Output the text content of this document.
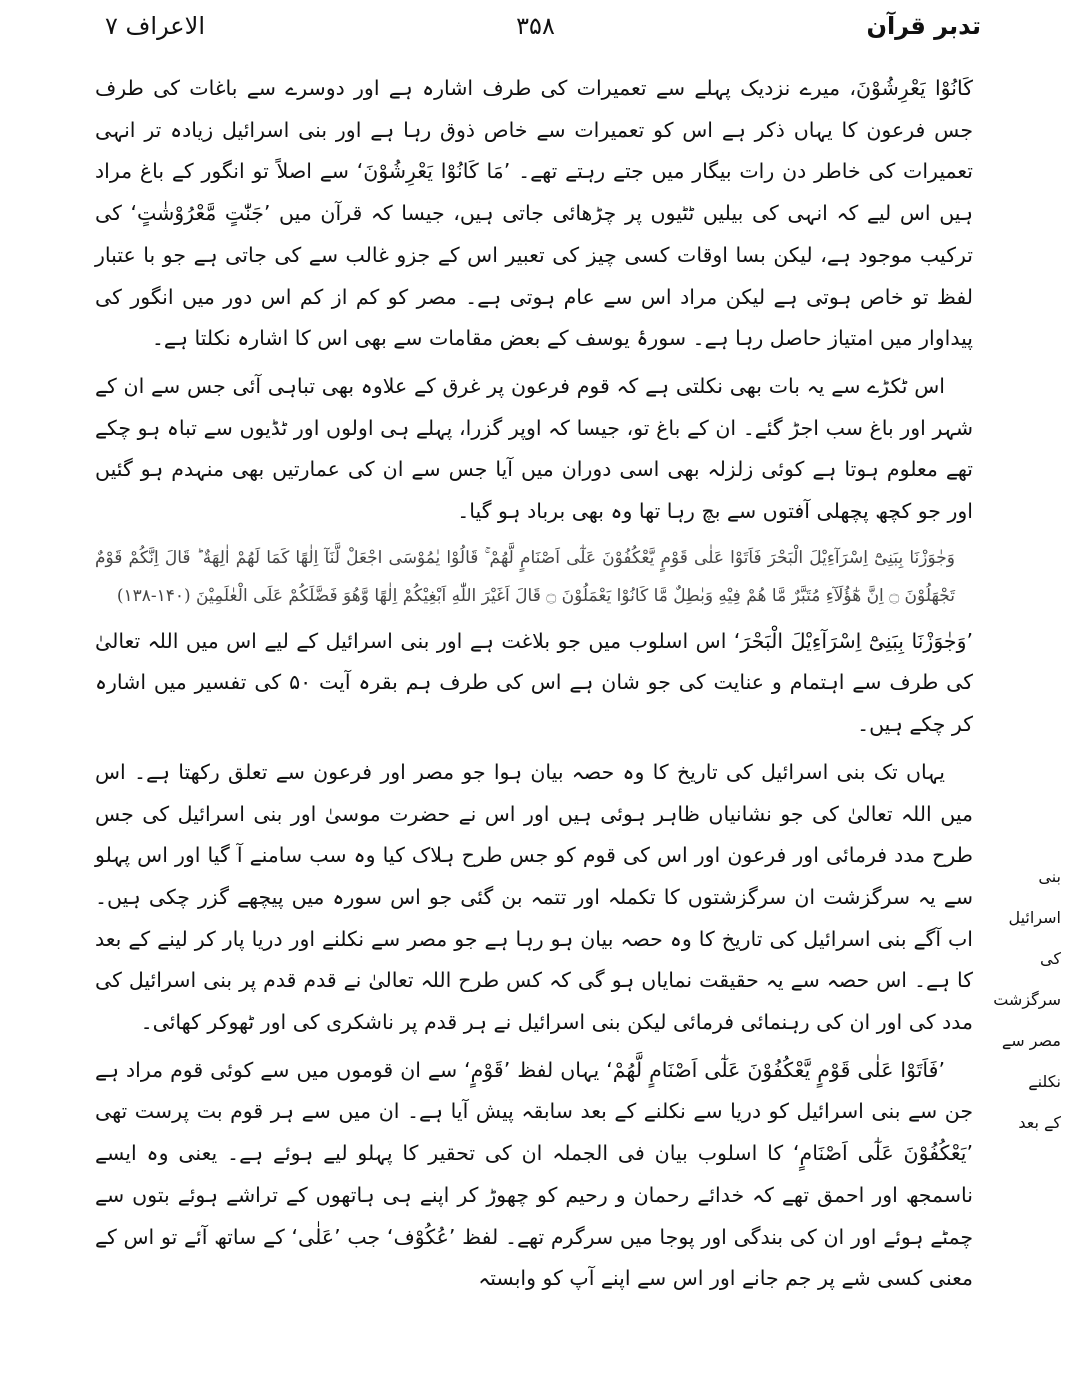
تدبر قرآن
۳۵۸
الاعراف ۷

کَانُوْا یَعْرِشُوْنَ، میرے نزدیک پہلے سے تعمیرات کی طرف اشارہ ہے اور دوسرے سے باغات کی طرف جس فرعون کا یہاں ذکر ہے اس کو تعمیرات سے خاص ذوق رہا ہے اور بنی اسرائیل زیادہ تر انہی تعمیرات کی خاطر دن رات بیگار میں جتے رہتے تھے۔ ’مَا کَانُوْا یَعْرِشُوْنَ‘ سے اصلاً تو انگور کے باغ مراد ہیں اس لیے کہ انہی کی بیلیں ٹٹیوں پر چڑھائی جاتی ہیں، جیسا کہ قرآن میں ’جَنّٰتٍ مَّعْرُوْشٰتٍ‘ کی ترکیب موجود ہے، لیکن بسا اوقات کسی چیز کی تعبیر اس کے جزو غالب سے کی جاتی ہے جو با عتبار لفظ تو خاص ہوتی ہے لیکن مراد اس سے عام ہوتی ہے۔ مصر کو کم از کم اس دور میں انگور کی پیداوار میں امتیاز حاصل رہا ہے۔ سورۂ یوسف کے بعض مقامات سے بھی اس کا اشارہ نکلتا ہے۔

اس ٹکڑے سے یہ بات بھی نکلتی ہے کہ قوم فرعون پر غرق کے علاوہ بھی تباہی آئی جس سے ان کے شہر اور باغ سب اجڑ گئے۔ ان کے باغ تو، جیسا کہ اوپر گزرا، پہلے ہی اولوں اور ٹڈیوں سے تباہ ہو چکے تھے معلوم ہوتا ہے کوئی زلزلہ بھی اسی دوران میں آیا جس سے ان کی عمارتیں بھی منہدم ہو گئیں اور جو کچھ پچھلی آفتوں سے بچ رہا تھا وہ بھی برباد ہو گیا۔

وَجٰوَزْنَا بِبَنِیْٓ اِسْرَآءِیْلَ الْبَحْرَ فَاَتَوْا عَلٰی قَوْمٍ یَّعْکُفُوْنَ عَلٰٓی اَصْنَامٍ لَّهُمْ ۚ قَالُوْا یٰمُوْسَی اجْعَلْ لَّنَآ اِلٰهًا كَمَا لَهُمْ اٰلِهَةٌ ؕ قَالَ اِنَّكُمْ قَوْمٌ تَجْهَلُوْنَ ۝ اِنَّ هٰٓؤُلَآءِ مُتَبَّرٌ مَّا هُمْ فِیْهِ وَبٰطِلٌ مَّا كَانُوْا یَعْمَلُوْنَ ۝ قَالَ اَغَیْرَ اللّٰهِ اَبْغِیْكُمْ اِلٰهًا وَّهُوَ فَضَّلَكُمْ عَلَی الْعٰلَمِیْنَ (۱۳۸-۱۴۰)

’وَجٰوَزْنَا بِبَنِیْٓ اِسْرَآءِیْلَ الْبَحْرَ‘ اس اسلوب میں جو بلاغت ہے اور بنی اسرائیل کے لیے اس میں اللہ تعالیٰ کی طرف سے اہتمام و عنایت کی جو شان ہے اس کی طرف ہم بقرہ آیت ۵۰ کی تفسیر میں اشارہ کر چکے ہیں۔

یہاں تک بنی اسرائیل کی تاریخ کا وہ حصہ بیان ہوا جو مصر اور فرعون سے تعلق رکھتا ہے۔ اس میں اللہ تعالیٰ کی جو نشانیاں ظاہر ہوئی ہیں اور اس نے حضرت موسیٰ اور بنی اسرائیل کی جس طرح مدد فرمائی اور فرعون اور اس کی قوم کو جس طرح ہلاک کیا وہ سب سامنے آ گیا اور اس پہلو سے یہ سرگزشت ان سرگزشتوں کا تکملہ اور تتمہ بن گئی جو اس سورہ میں پیچھے گزر چکی ہیں۔ اب آگے بنی اسرائیل کی تاریخ کا وہ حصہ بیان ہو رہا ہے جو مصر سے نکلنے اور دریا پار کر لینے کے بعد کا ہے۔ اس حصہ سے یہ حقیقت نمایاں ہو گی کہ کس طرح اللہ تعالیٰ نے قدم قدم پر بنی اسرائیل کی مدد کی اور ان کی رہنمائی فرمائی لیکن بنی اسرائیل نے ہر قدم پر ناشکری کی اور ٹھوکر کھائی۔

’فَاَتَوْا عَلٰی قَوْمٍ یَّعْکُفُوْنَ عَلٰٓی اَصْنَامٍ لَّهُمْ‘ یہاں لفظ ’قَوْمٍ‘ سے ان قوموں میں سے کوئی قوم مراد ہے جن سے بنی اسرائیل کو دریا سے نکلنے کے بعد سابقہ پیش آیا ہے۔ ان میں سے ہر قوم بت پرست تھی ’یَعْکُفُوْنَ عَلٰٓی اَصْنَامٍ‘ کا اسلوب بیان فی الجملہ ان کی تحقیر کا پہلو لیے ہوئے ہے۔ یعنی وہ ایسے ناسمجھ اور احمق تھے کہ خدائے رحمان و رحیم کو چھوڑ کر اپنے ہی ہاتھوں کے تراشے ہوئے بتوں سے چمٹے ہوئے اور ان کی بندگی اور پوجا میں سرگرم تھے۔ لفظ ’عُکُوْف‘ جب ’عَلٰی‘ کے ساتھ آئے تو اس کے معنی کسی شے پر جم جانے اور اس سے اپنے آپ کو وابستہ

بنی اسرائیل
کی سرگزشت
مصر سے نکلنے
کے بعد
